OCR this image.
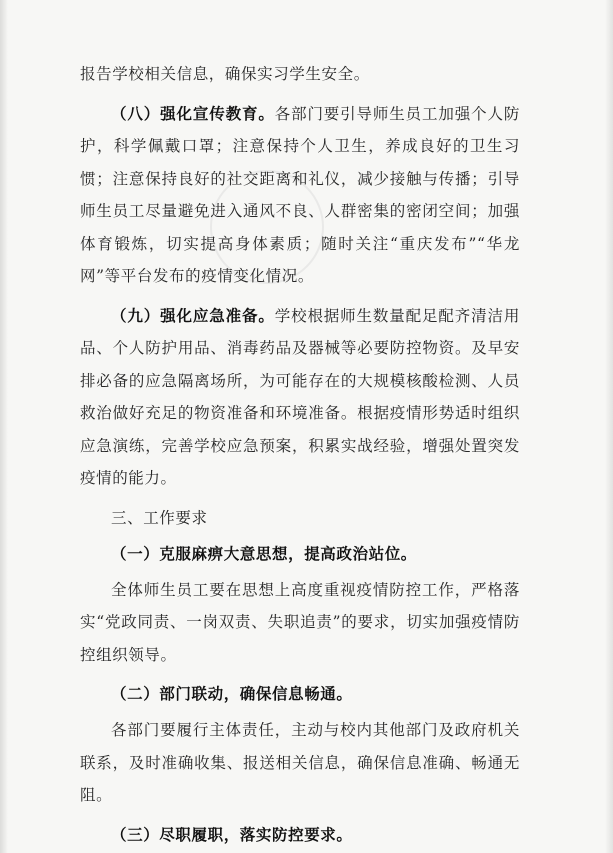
报告学校相关信息，确保实习学生安全。

（八）强化宣传教育。各部门要引导师生员工加强个人防护，科学佩戴口罩；注意保持个人卫生，养成良好的卫生习惯；注意保持良好的社交距离和礼仪，减少接触与传播；引导师生员工尽量避免进入通风不良、人群密集的密闭空间；加强体育锻炼，切实提高身体素质；随时关注“重庆发布”“华龙网”等平台发布的疫情变化情况。

（九）强化应急准备。学校根据师生数量配足配齐清洁用品、个人防护用品、消毒药品及器械等必要防控物资。及早安排必备的应急隔离场所，为可能存在的大规模核酸检测、人员救治做好充足的物资准备和环境准备。根据疫情形势适时组织应急演练，完善学校应急预案，积累实战经验，增强处置突发疫情的能力。

三、工作要求

（一）克服麻痹大意思想，提高政治站位。

全体师生员工要在思想上高度重视疫情防控工作，严格落实“党政同责、一岗双责、失职追责”的要求，切实加强疫情防控组织领导。

（二）部门联动，确保信息畅通。

各部门要履行主体责任，主动与校内其他部门及政府机关联系，及时准确收集、报送相关信息，确保信息准确、畅通无阻。

（三）尽职履职，落实防控要求。
